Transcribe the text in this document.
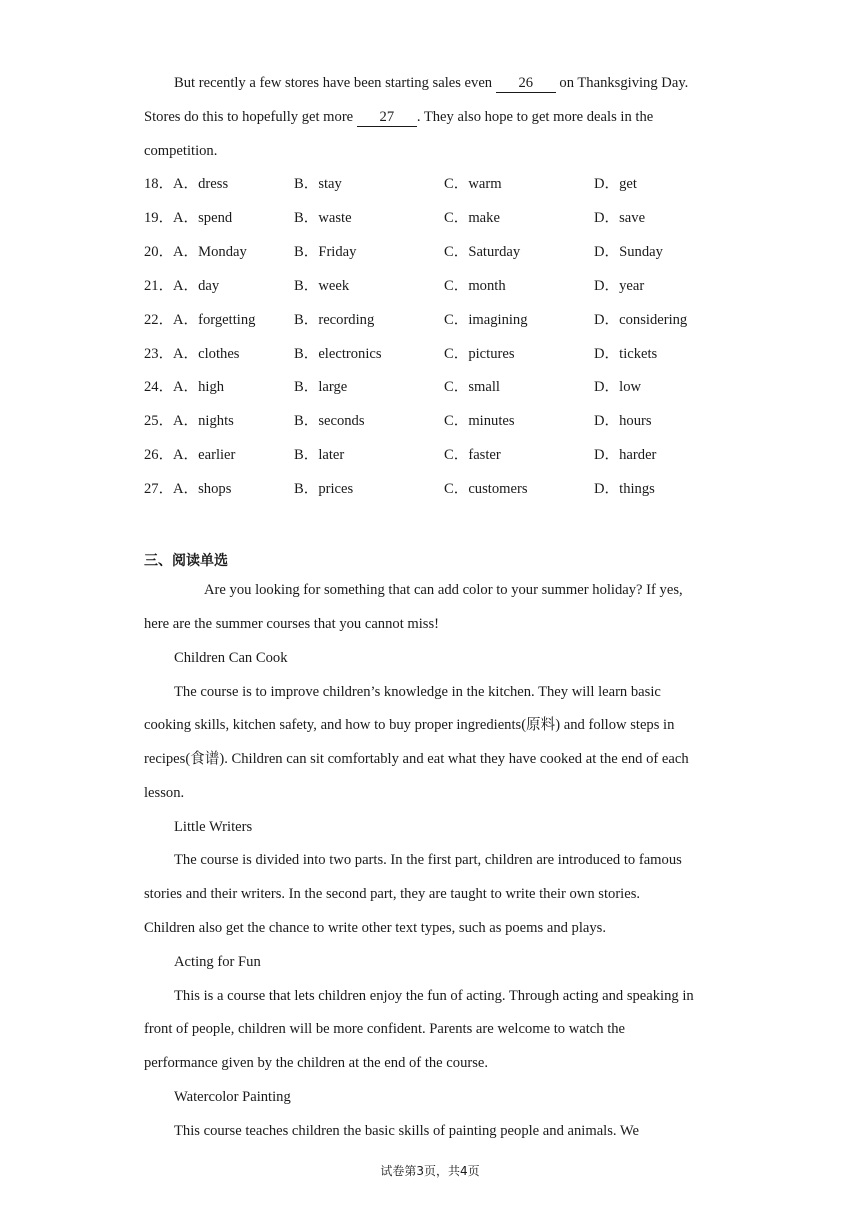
But recently a few stores have been starting sales even 26 on Thanksgiving Day.
Stores do this to hopefully get more 27 . They also hope to get more deals in the
competition.
18． A．dress	B．stay	C．warm	D．get
19． A．spend	B．waste	C．make	D．save
20． A．Monday	B．Friday	C．Saturday	D．Sunday
21． A．day	B．week	C．month	D．year
22． A．forgetting	B．recording	C．imagining	D．considering
23． A．clothes	B．electronics	C．pictures	D．tickets
24． A．high	B．large	C．small	D．low
25． A．nights	B．seconds	C．minutes	D．hours
26． A．earlier	B．later	C．faster	D．harder
27． A．shops	B．prices	C．customers	D．things
三、阅读单选
Are you looking for something that can add color to your summer holiday? If yes,
here are the summer courses that you cannot miss!
Children Can Cook
The course is to improve children’s knowledge in the kitchen. They will learn basic
cooking skills, kitchen safety, and how to buy proper ingredients(原料) and follow steps in
recipes(食谱). Children can sit comfortably and eat what they have cooked at the end of each
lesson.
Little Writers
The course is divided into two parts. In the first part, children are introduced to famous
stories and their writers. In the second part, they are taught to write their own stories.
Children also get the chance to write other text types, such as poems and plays.
Acting for Fun
This is a course that lets children enjoy the fun of acting. Through acting and speaking in
front of people, children will be more confident. Parents are welcome to watch the
performance given by the children at the end of the course.
Watercolor Painting
This course teaches children the basic skills of painting people and animals. We
试卷第3页，共4页
